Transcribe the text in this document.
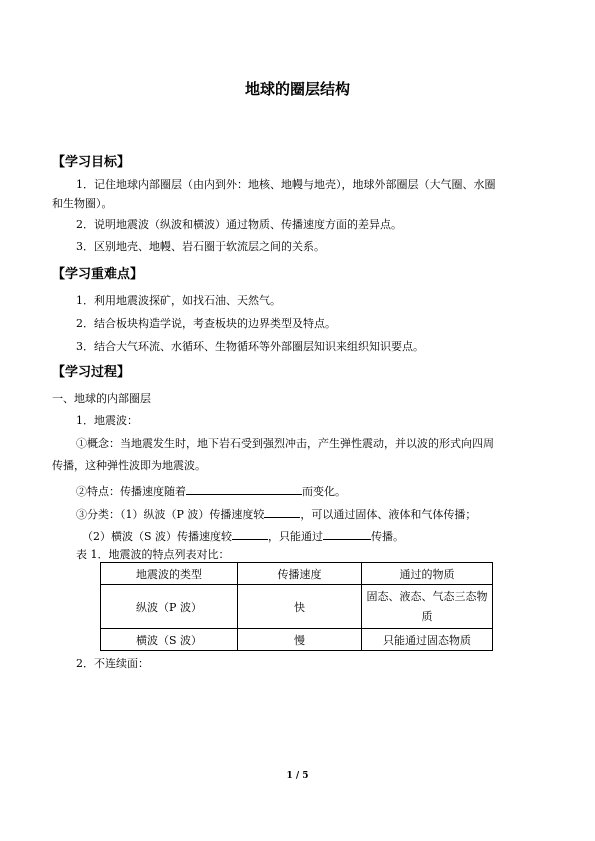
地球的圈层结构
【学习目标】
1．记住地球内部圈层（由内到外：地核、地幔与地壳），地球外部圈层（大气圈、水圈
和生物圈）。
2．说明地震波（纵波和横波）通过物质、传播速度方面的差异点。
3．区别地壳、地幔、岩石圈于软流层之间的关系。
【学习重难点】
1．利用地震波探矿，如找石油、天然气。
2．结合板块构造学说，考查板块的边界类型及特点。
3．结合大气环流、水循环、生物循环等外部圈层知识来组织知识要点。
【学习过程】
一、地球的内部圈层
1．地震波：
①概念：当地震发生时，地下岩石受到强烈冲击，产生弹性震动，并以波的形式向四周
传播，这种弹性波即为地震波。
②特点：传播速度随着	而变化。
③分类：（1）纵波（P 波）传播速度较	，可以通过固体、液体和气体传播；
（2）横波（S 波）传播速度较	，只能通过	传播。
表 1．地震波的特点列表对比：
地震波的类型	传播速度	通过的物质
纵波（P 波）	快	固态、液态、气态三态物质
横波（S 波）	慢	只能通过固态物质
2．不连续面：
1 / 5
